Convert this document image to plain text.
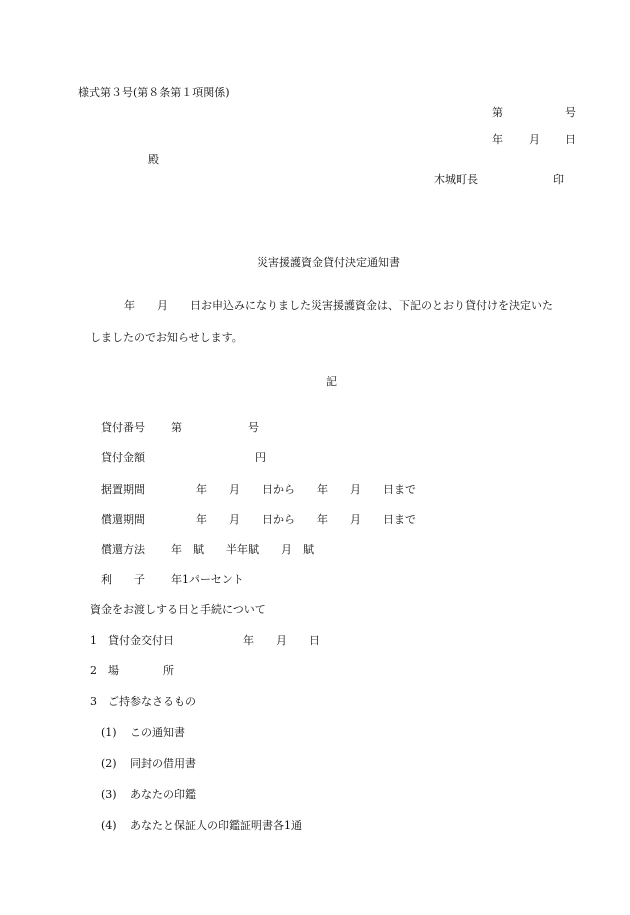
様式第３号(第８条第１項関係)
第	号
年 月 日
殿
木城町長	印
災害援護資金貸付決定通知書
年　　月　　日お申込みになりました災害援護資金は、下記のとおり貸付けを決定いた
しましたのでお知らせします。
記
貸付番号 第　　　　　　号
貸付金額	円
据置期間	年　　月　　日から　　年　　月　　日まで
償還期間	年　　月　　日から　　年　　月　　日まで
償還方法 年　賦　　半年賦　　月　賦
利　　子 年1パーセント
資金をお渡しする日と手続について
1　貸付金交付日	年　　月　　日
2　場　　　　所
3　ご持参なさるもの
(1) この通知書
(2) 同封の借用書
(3) あなたの印鑑
(4) あなたと保証人の印鑑証明書各1通
